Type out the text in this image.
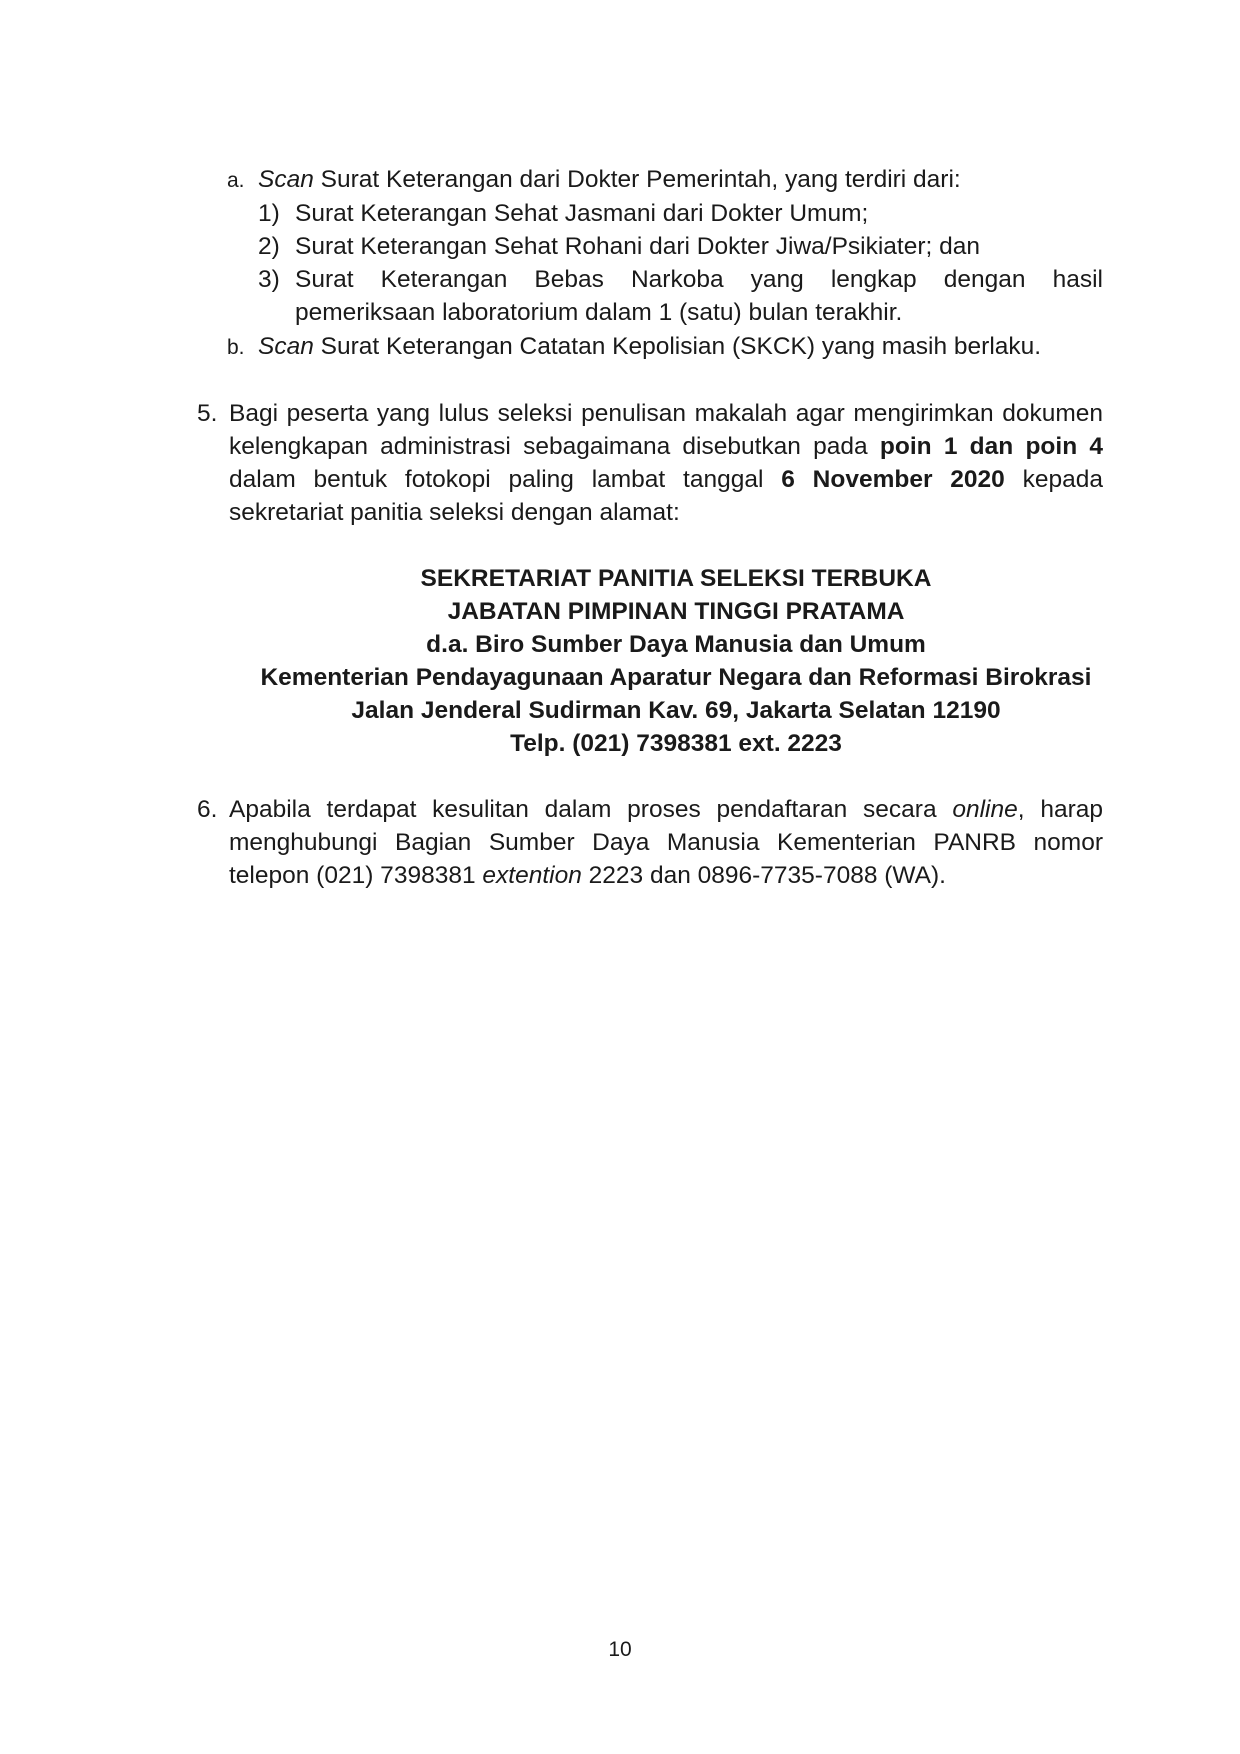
a. Scan Surat Keterangan dari Dokter Pemerintah, yang terdiri dari:
1) Surat Keterangan Sehat Jasmani dari Dokter Umum;
2) Surat Keterangan Sehat Rohani dari Dokter Jiwa/Psikiater; dan
3) Surat Keterangan Bebas Narkoba yang lengkap dengan hasil
pemeriksaan laboratorium dalam 1 (satu) bulan terakhir.
b. Scan Surat Keterangan Catatan Kepolisian (SKCK) yang masih berlaku.
5. Bagi peserta yang lulus seleksi penulisan makalah agar mengirimkan dokumen
kelengkapan administrasi sebagaimana disebutkan pada poin 1 dan poin 4
dalam bentuk fotokopi paling lambat tanggal 6 November 2020 kepada
sekretariat panitia seleksi dengan alamat:
SEKRETARIAT PANITIA SELEKSI TERBUKA
JABATAN PIMPINAN TINGGI PRATAMA
d.a. Biro Sumber Daya Manusia dan Umum
Kementerian Pendayagunaan Aparatur Negara dan Reformasi Birokrasi
Jalan Jenderal Sudirman Kav. 69, Jakarta Selatan 12190
Telp. (021) 7398381 ext. 2223
6. Apabila terdapat kesulitan dalam proses pendaftaran secara online, harap
menghubungi Bagian Sumber Daya Manusia Kementerian PANRB nomor
telepon (021) 7398381 extention 2223 dan 0896-7735-7088 (WA).
10
